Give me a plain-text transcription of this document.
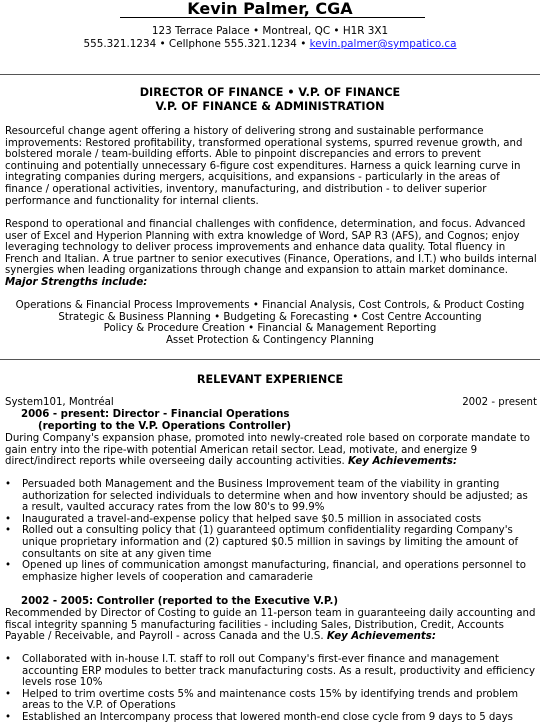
Kevin Palmer, CGA
123 Terrace Palace • Montreal, QC • H1R 3X1
555.321.1234 • Cellphone 555.321.1234 • kevin.palmer@sympatico.ca
DIRECTOR OF FINANCE • V.P. OF FINANCE
V.P. OF FINANCE & ADMINISTRATION
Resourceful change agent offering a history of delivering strong and sustainable performance improvements: Restored profitability, transformed operational systems, spurred revenue growth, and bolstered morale / team-building efforts. Able to pinpoint discrepancies and errors to prevent continuing and potentially unnecessary 6-figure cost expenditures. Harness a quick learning curve in integrating companies during mergers, acquisitions, and expansions - particularly in the areas of finance / operational activities, inventory, manufacturing, and distribution - to deliver superior performance and functionality for internal clients.
Respond to operational and financial challenges with confidence, determination, and focus. Advanced user of Excel and Hyperion Planning with extra knowledge of Word, SAP R3 (AFS), and Cognos; enjoy leveraging technology to deliver process improvements and enhance data quality. Total fluency in French and Italian. A true partner to senior executives (Finance, Operations, and I.T.) who builds internal synergies when leading organizations through change and expansion to attain market dominance. Major Strengths include:
Operations & Financial Process Improvements • Financial Analysis, Cost Controls, & Product Costing
Strategic & Business Planning • Budgeting & Forecasting • Cost Centre Accounting
Policy & Procedure Creation • Financial & Management Reporting
Asset Protection & Contingency Planning
RELEVANT EXPERIENCE
System101, Montréal	2002 - present
2006 - present: Director - Financial Operations
(reporting to the V.P. Operations Controller)
During Company's expansion phase, promoted into newly-created role based on corporate mandate to gain entry into the ripe-with potential American retail sector. Lead, motivate, and energize 9 direct/indirect reports while overseeing daily accounting activities. Key Achievements:
• Persuaded both Management and the Business Improvement team of the viability in granting authorization for selected individuals to determine when and how inventory should be adjusted; as a result, vaulted accuracy rates from the low 80's to 99.9%
• Inaugurated a travel-and-expense policy that helped save $0.5 million in associated costs
• Rolled out a consulting policy that (1) guaranteed optimum confidentiality regarding Company's unique proprietary information and (2) captured $0.5 million in savings by limiting the amount of consultants on site at any given time
• Opened up lines of communication amongst manufacturing, financial, and operations personnel to emphasize higher levels of cooperation and camaraderie
2002 - 2005: Controller (reported to the Executive V.P.)
Recommended by Director of Costing to guide an 11-person team in guaranteeing daily accounting and fiscal integrity spanning 5 manufacturing facilities - including Sales, Distribution, Credit, Accounts Payable / Receivable, and Payroll - across Canada and the U.S. Key Achievements:
• Collaborated with in-house I.T. staff to roll out Company's first-ever finance and management accounting ERP modules to better track manufacturing costs. As a result, productivity and efficiency levels rose 10%
• Helped to trim overtime costs 5% and maintenance costs 15% by identifying trends and problem areas to the V.P. of Operations
• Established an Intercompany process that lowered month-end close cycle from 9 days to 5 days
